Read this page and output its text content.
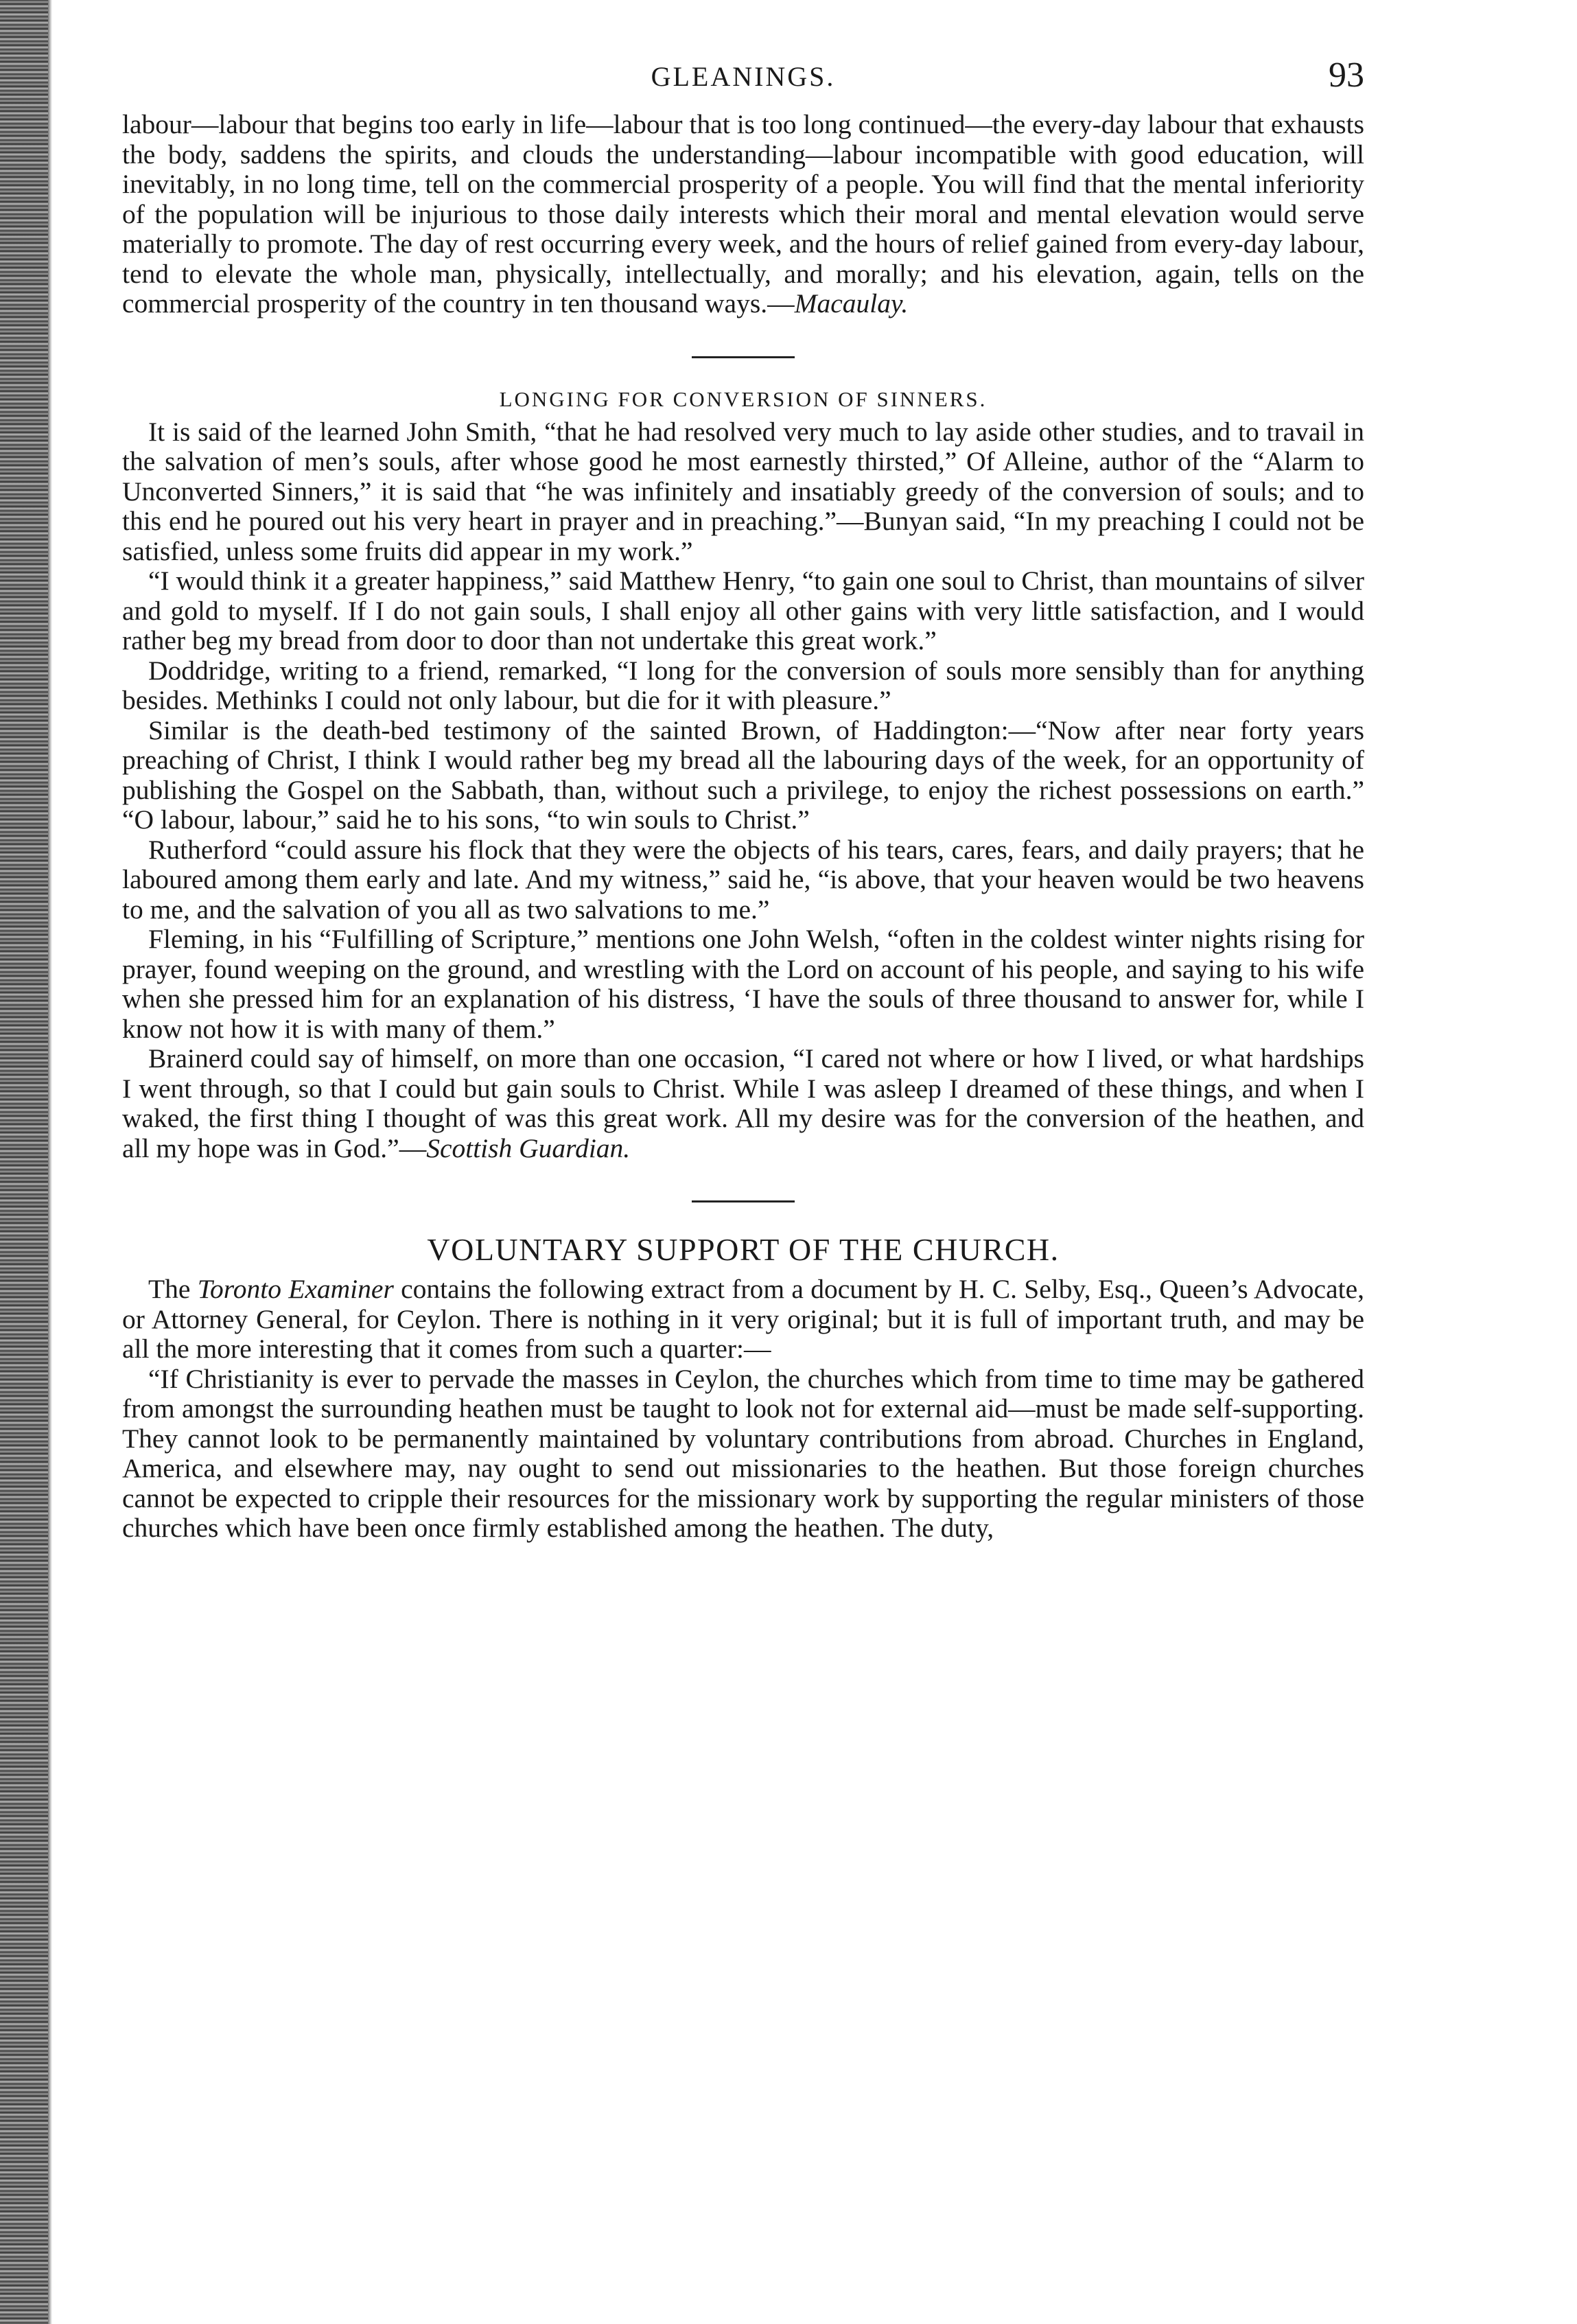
GLEANINGS.	93

labour—labour that begins too early in life—labour that is too long continued—the every-day labour that exhausts the body, saddens the spirits, and clouds the understanding—labour incompatible with good education, will inevitably, in no long time, tell on the commercial prosperity of a people. You will find that the mental inferiority of the population will be injurious to those daily interests which their moral and mental elevation would serve materially to promote. The day of rest occurring every week, and the hours of relief gained from every-day labour, tend to elevate the whole man, physically, intellectually, and morally; and his elevation, again, tells on the commercial prosperity of the country in ten thousand ways.—Macaulay.

LONGING FOR CONVERSION OF SINNERS.

It is said of the learned John Smith, “that he had resolved very much to lay aside other studies, and to travail in the salvation of men’s souls, after whose good he most earnestly thirsted,” Of Alleine, author of the “Alarm to Unconverted Sinners,” it is said that “he was infinitely and insatiably greedy of the conversion of souls; and to this end he poured out his very heart in prayer and in preaching.”—Bunyan said, “In my preaching I could not be satisfied, unless some fruits did appear in my work.”

“I would think it a greater happiness,” said Matthew Henry, “to gain one soul to Christ, than mountains of silver and gold to myself. If I do not gain souls, I shall enjoy all other gains with very little satisfaction, and I would rather beg my bread from door to door than not undertake this great work.”

Doddridge, writing to a friend, remarked, “I long for the conversion of souls more sensibly than for anything besides. Methinks I could not only labour, but die for it with pleasure.”

Similar is the death-bed testimony of the sainted Brown, of Haddington:—“Now after near forty years preaching of Christ, I think I would rather beg my bread all the labouring days of the week, for an opportunity of publishing the Gospel on the Sabbath, than, without such a privilege, to enjoy the richest possessions on earth.” “O labour, labour,” said he to his sons, “to win souls to Christ.”

Rutherford “could assure his flock that they were the objects of his tears, cares, fears, and daily prayers; that he laboured among them early and late. And my witness,” said he, “is above, that your heaven would be two heavens to me, and the salvation of you all as two salvations to me.”

Fleming, in his “Fulfilling of Scripture,” mentions one John Welsh, “often in the coldest winter nights rising for prayer, found weeping on the ground, and wrestling with the Lord on account of his people, and saying to his wife when she pressed him for an explanation of his distress, ‘I have the souls of three thousand to answer for, while I know not how it is with many of them.”

Brainerd could say of himself, on more than one occasion, “I cared not where or how I lived, or what hardships I went through, so that I could but gain souls to Christ. While I was asleep I dreamed of these things, and when I waked, the first thing I thought of was this great work. All my desire was for the conversion of the heathen, and all my hope was in God.”—Scottish Guardian.

VOLUNTARY SUPPORT OF THE CHURCH.

The Toronto Examiner contains the following extract from a document by H. C. Selby, Esq., Queen’s Advocate, or Attorney General, for Ceylon. There is nothing in it very original; but it is full of important truth, and may be all the more interesting that it comes from such a quarter:—

“If Christianity is ever to pervade the masses in Ceylon, the churches which from time to time may be gathered from amongst the surrounding heathen must be taught to look not for external aid—must be made self-supporting. They cannot look to be permanently maintained by voluntary contributions from abroad. Churches in England, America, and elsewhere may, nay ought to send out missionaries to the heathen. But those foreign churches cannot be expected to cripple their resources for the missionary work by supporting the regular ministers of those churches which have been once firmly established among the heathen. The duty,
